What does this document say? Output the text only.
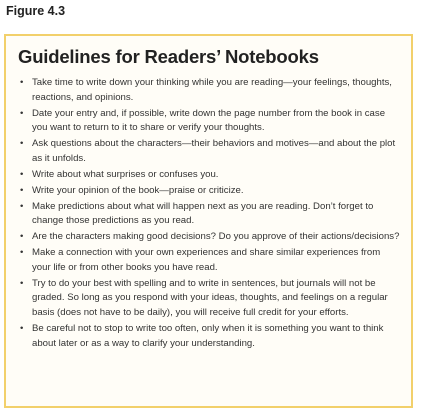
Figure 4.3
Guidelines for Readers’ Notebooks
• Take time to write down your thinking while you are reading—your feelings, thoughts, reactions, and opinions.
• Date your entry and, if possible, write down the page number from the book in case you want to return to it to share or verify your thoughts.
• Ask questions about the characters—their behaviors and motives—and about the plot as it unfolds.
• Write about what surprises or confuses you.
• Write your opinion of the book—praise or criticize.
• Make predictions about what will happen next as you are reading. Don’t forget to change those predictions as you read.
• Are the characters making good decisions? Do you approve of their actions/decisions?
• Make a connection with your own experiences and share similar experiences from your life or from other books you have read.
• Try to do your best with spelling and to write in sentences, but journals will not be graded. So long as you respond with your ideas, thoughts, and feelings on a regular basis (does not have to be daily), you will receive full credit for your efforts.
• Be careful not to stop to write too often, only when it is something you want to think about later or as a way to clarify your understanding.
